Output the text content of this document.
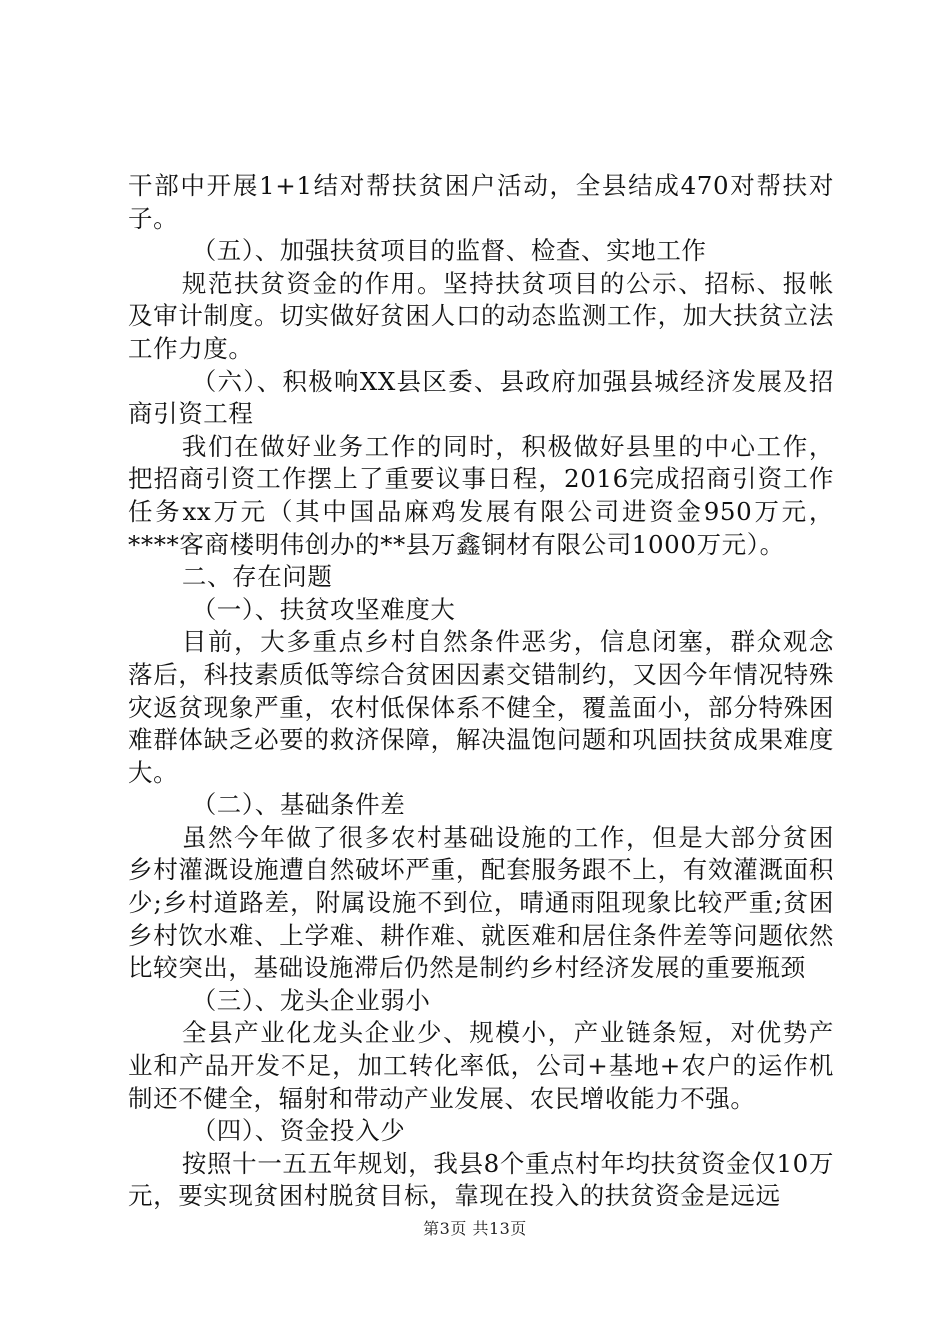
干部中开展1+1结对帮扶贫困户活动，全县结成470对帮扶对子。

（五）、加强扶贫项目的监督、检查、实地工作

规范扶贫资金的作用。坚持扶贫项目的公示、招标、报帐及审计制度。切实做好贫困人口的动态监测工作，加大扶贫立法工作力度。

（六）、积极响XX县区委、县政府加强县城经济发展及招商引资工程

我们在做好业务工作的同时，积极做好县里的中心工作，把招商引资工作摆上了重要议事日程，2016完成招商引资工作任务xx万元（其中国品麻鸡发展有限公司进资金950万元，****客商楼明伟创办的**县万鑫铜材有限公司1000万元）。

二、存在问题

（一）、扶贫攻坚难度大

目前，大多重点乡村自然条件恶劣，信息闭塞，群众观念落后，科技素质低等综合贫困因素交错制约，又因今年情况特殊灾返贫现象严重，农村低保体系不健全，覆盖面小，部分特殊困难群体缺乏必要的救济保障，解决温饱问题和巩固扶贫成果难度大。

（二）、基础条件差

虽然今年做了很多农村基础设施的工作，但是大部分贫困乡村灌溉设施遭自然破坏严重，配套服务跟不上，有效灌溉面积少;乡村道路差，附属设施不到位，晴通雨阻现象比较严重;贫困乡村饮水难、上学难、耕作难、就医难和居住条件差等问题依然比较突出，基础设施滞后仍然是制约乡村经济发展的重要瓶颈

（三）、龙头企业弱小

全县产业化龙头企业少、规模小，产业链条短，对优势产业和产品开发不足，加工转化率低，公司+基地+农户的运作机制还不健全，辐射和带动产业发展、农民增收能力不强。

（四）、资金投入少

按照十一五五年规划，我县8个重点村年均扶贫资金仅10万元，要实现贫困村脱贫目标，靠现在投入的扶贫资金是远远

第3页 共13页
